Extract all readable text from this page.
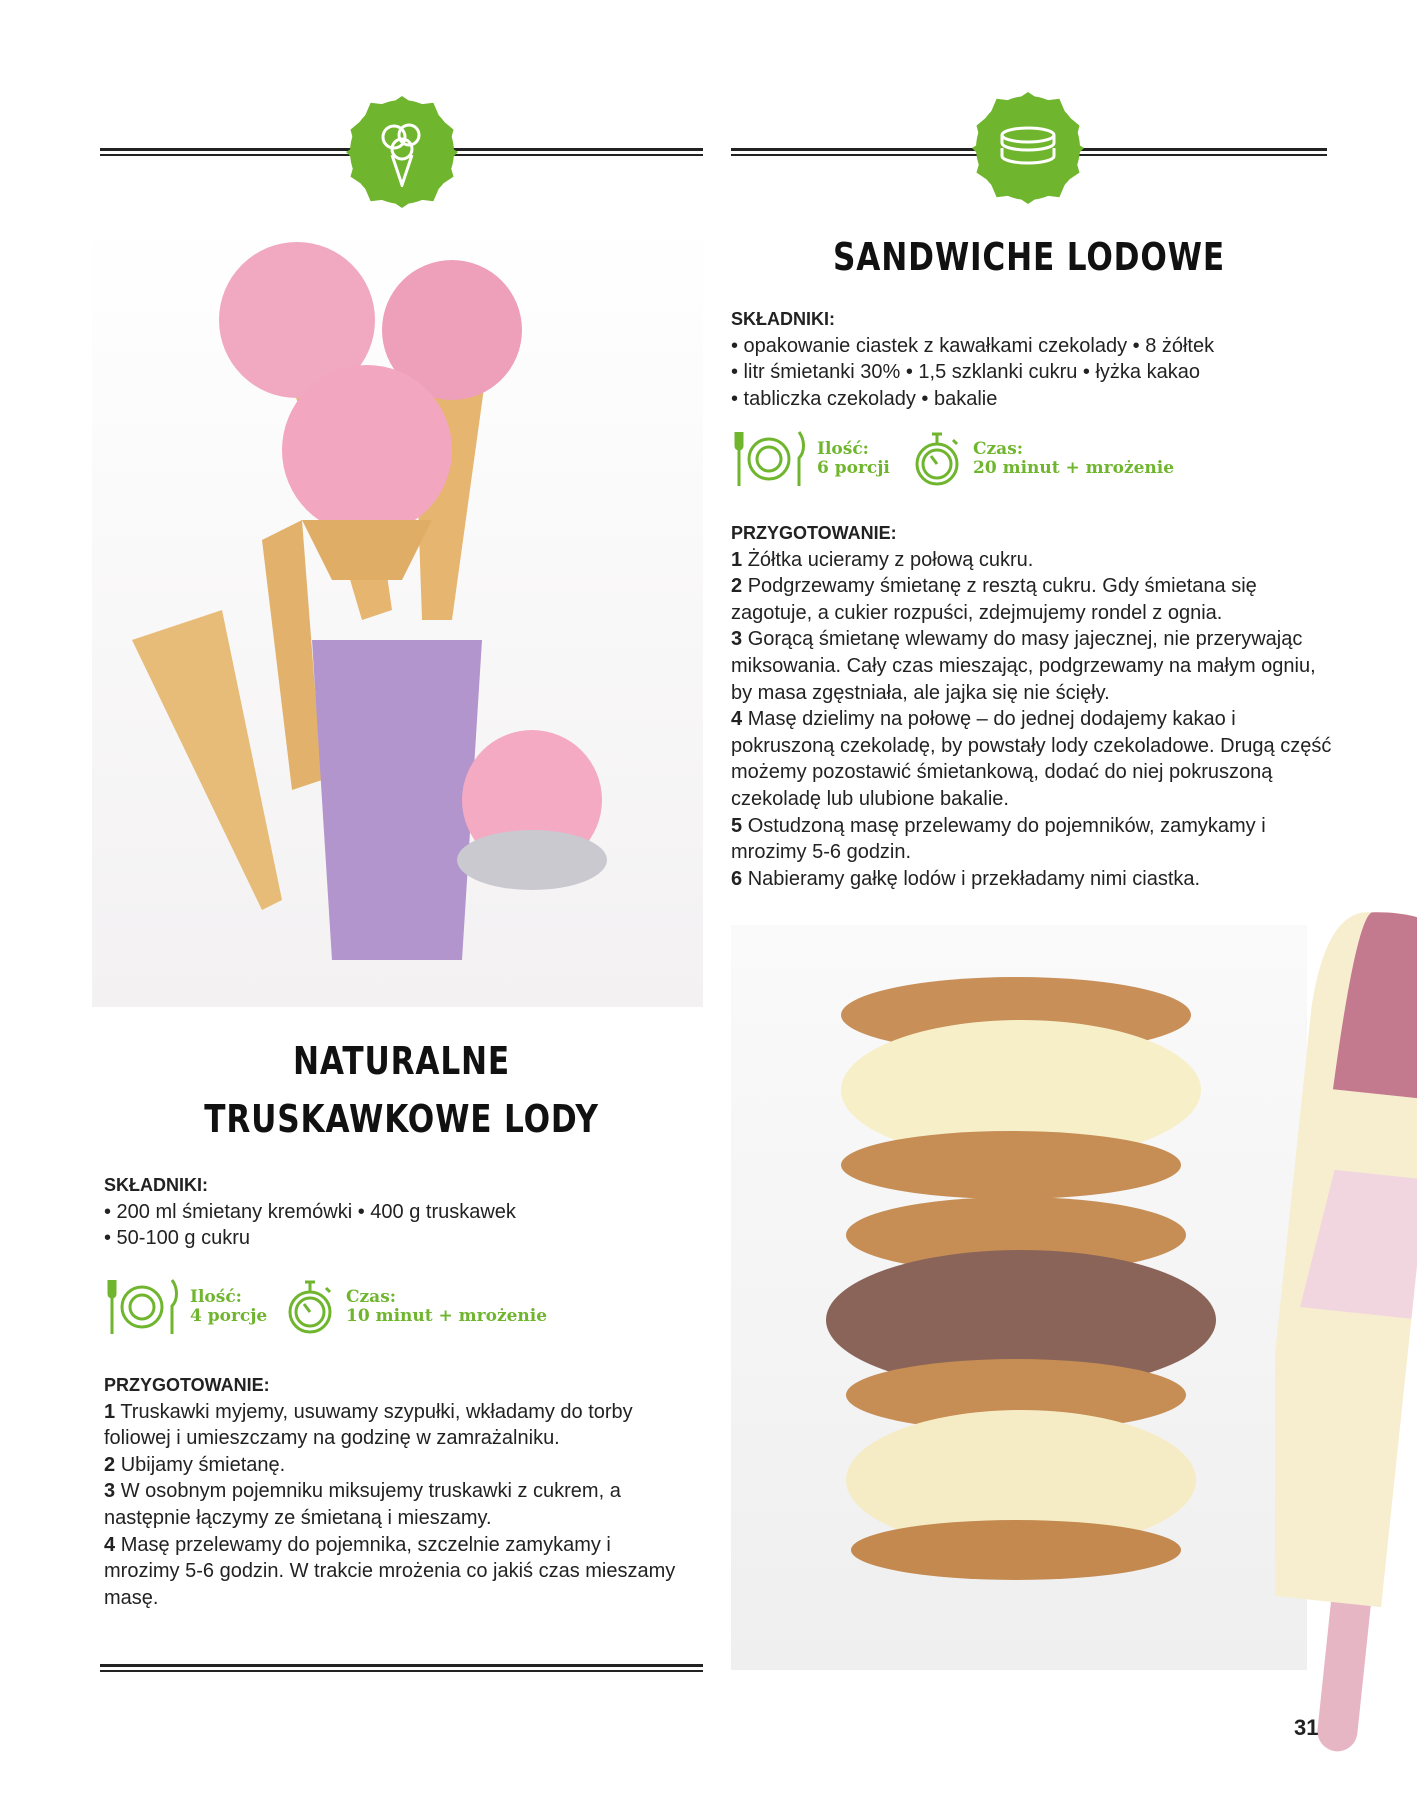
NATURALNE
TRUSKAWKOWE LODY
SKŁADNIKI:
• 200 ml śmietany kremówki • 400 g truskawek
• 50-100 g cukru
Ilość:
4 porcje
Czas:
10 minut + mrożenie
PRZYGOTOWANIE:
1 Truskawki myjemy, usuwamy szypułki, wkładamy do torby foliowej i umieszczamy na godzinę w zamrażalniku.
2 Ubijamy śmietanę.
3 W osobnym pojemniku miksujemy truskawki z cukrem, a następnie łączymy ze śmietaną i mieszamy.
4 Masę przelewamy do pojemnika, szczelnie zamykamy i mrozimy 5-6 godzin. W trakcie mrożenia co jakiś czas mieszamy masę.
SANDWICHE LODOWE
SKŁADNIKI:
• opakowanie ciastek z kawałkami czekolady • 8 żółtek
• litr śmietanki 30% • 1,5 szklanki cukru • łyżka kakao
• tabliczka czekolady • bakalie
Ilość:
6 porcji
Czas:
20 minut + mrożenie
PRZYGOTOWANIE:
1 Żółtka ucieramy z połową cukru.
2 Podgrzewamy śmietanę z resztą cukru. Gdy śmietana się zagotuje, a cukier rozpuści, zdejmujemy rondel z ognia.
3 Gorącą śmietanę wlewamy do masy jajecznej, nie przerywając miksowania. Cały czas mieszając, podgrzewamy na małym ogniu, by masa zgęstniała, ale jajka się nie ścięły.
4 Masę dzielimy na połowę – do jednej dodajemy kakao i pokruszoną czekoladę, by powstały lody czekoladowe. Drugą część możemy pozostawić śmietankową, dodać do niej pokruszoną czekoladę lub ulubione bakalie.
5 Ostudzoną masę przelewamy do pojemników, zamykamy i mrozimy 5-6 godzin.
6 Nabieramy gałkę lodów i przekładamy nimi ciastka.
31
